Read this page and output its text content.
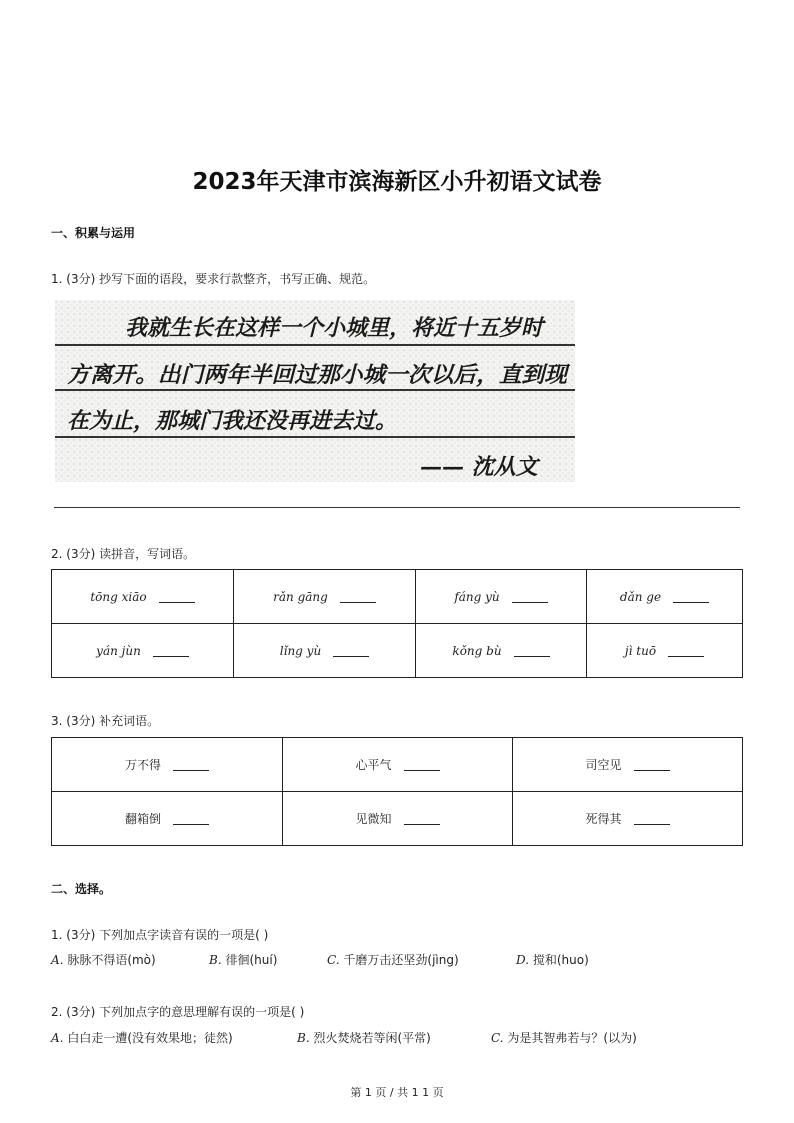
2023年天津市滨海新区小升初语文试卷
一、积累与运用
1. (3分) 抄写下面的语段，要求行款整齐，书写正确、规范。
我就生长在这样一个小城里，将近十五岁时
方离开。出门两年半回过那小城一次以后，直到现
在为止，那城门我还没再进去过。
—— 沈从文
2. (3分) 读拼音，写词语。
tōng xiāo	rǎn gāng	fáng yù	dǎn ge
yán jùn	lǐng yù	kǒng bù	jì tuō
3. (3分) 补充词语。
万不得	心平气	司空见
翻箱倒	见微知	死得其
二、选择。
1. (3分) 下列加点字读音有误的一项是( )
A. 脉脉不得语(mò)	B. 徘徊(huí)	C. 千磨万击还坚劲(jìng)	D. 搅和(huo)
2. (3分) 下列加点字的意思理解有误的一项是( )
A. 白白走一遭(没有效果地；徒然)	B. 烈火焚烧若等闲(平常)	C. 为是其智弗若与？(以为)
第 1 页 / 共 1 1 页
